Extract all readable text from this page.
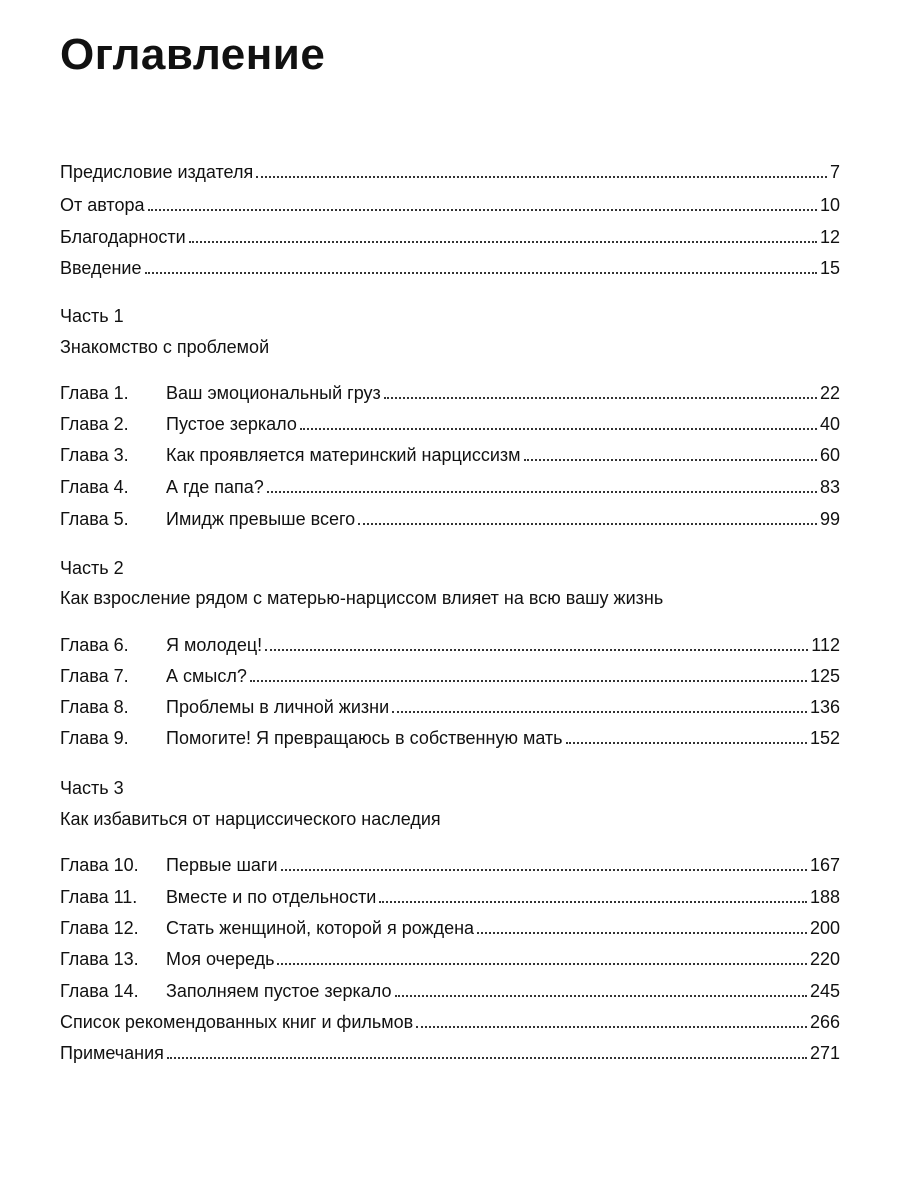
Оглавление
Предисловие издателя	7
От автора	10
Благодарности	12
Введение	15
Часть 1
Знакомство с проблемой
Глава 1.	Ваш эмоциональный груз	22
Глава 2.	Пустое зеркало	40
Глава 3.	Как проявляется материнский нарциссизм	60
Глава 4.	А где папа?	83
Глава 5.	Имидж превыше всего	99
Часть 2
Как взросление рядом с матерью-нарциссом влияет на всю вашу жизнь
Глава 6.	Я молодец!	112
Глава 7.	А смысл?	125
Глава 8.	Проблемы в личной жизни	136
Глава 9.	Помогите! Я превращаюсь в собственную мать	152
Часть 3
Как избавиться от нарциссического наследия
Глава 10.	Первые шаги	167
Глава 11.	Вместе и по отдельности	188
Глава 12.	Стать женщиной, которой я рождена	200
Глава 13.	Моя очередь	220
Глава 14.	Заполняем пустое зеркало	245
Список рекомендованных книг и фильмов	266
Примечания	271
